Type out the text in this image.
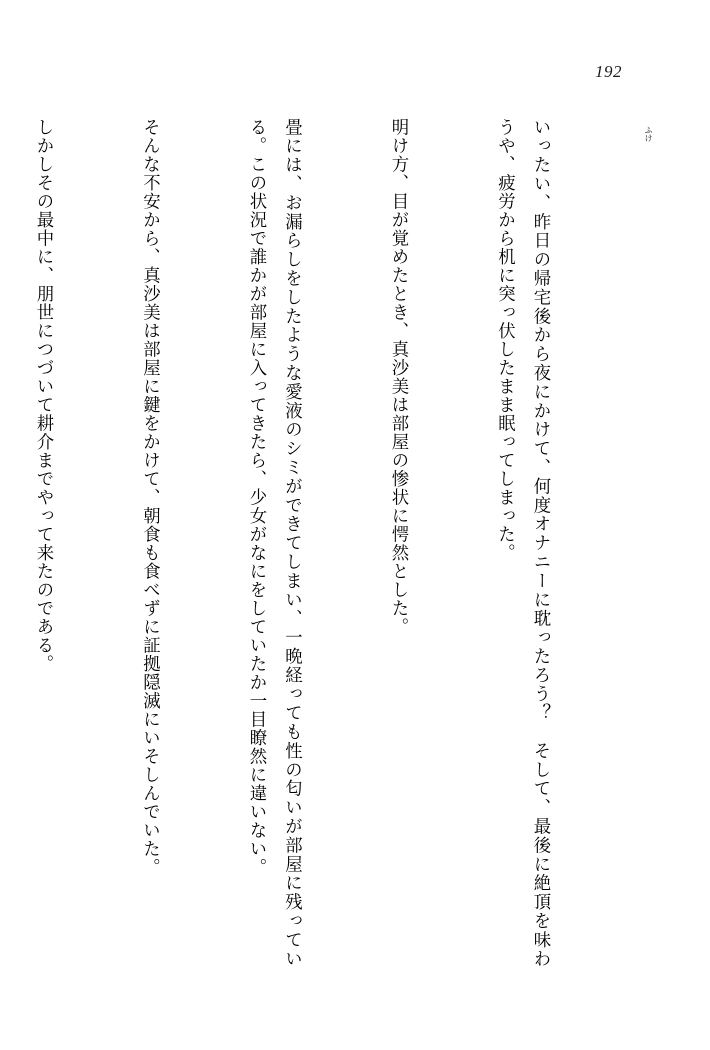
192
ふけ

いったい、昨日の帰宅後から夜にかけて、何度オナニーに耽ったろう？　そして、最後に絶頂を味わうや、疲労から机に突っ伏したまま眠ってしまった。

明け方、目が覚めたとき、真沙美は部屋の惨状に愕然とした。

畳には、お漏らしをしたような愛液のシミができてしまい、一晩経っても性の匂いが部屋に残っている。この状況で誰かが部屋に入ってきたら、少女がなにをしていたか一目瞭然に違いない。

そんな不安から、真沙美は部屋に鍵をかけて、朝食も食べずに証拠隠滅にいそしんでいた。

しかしその最中に、朋世につづいて耕介までやって来たのである。
